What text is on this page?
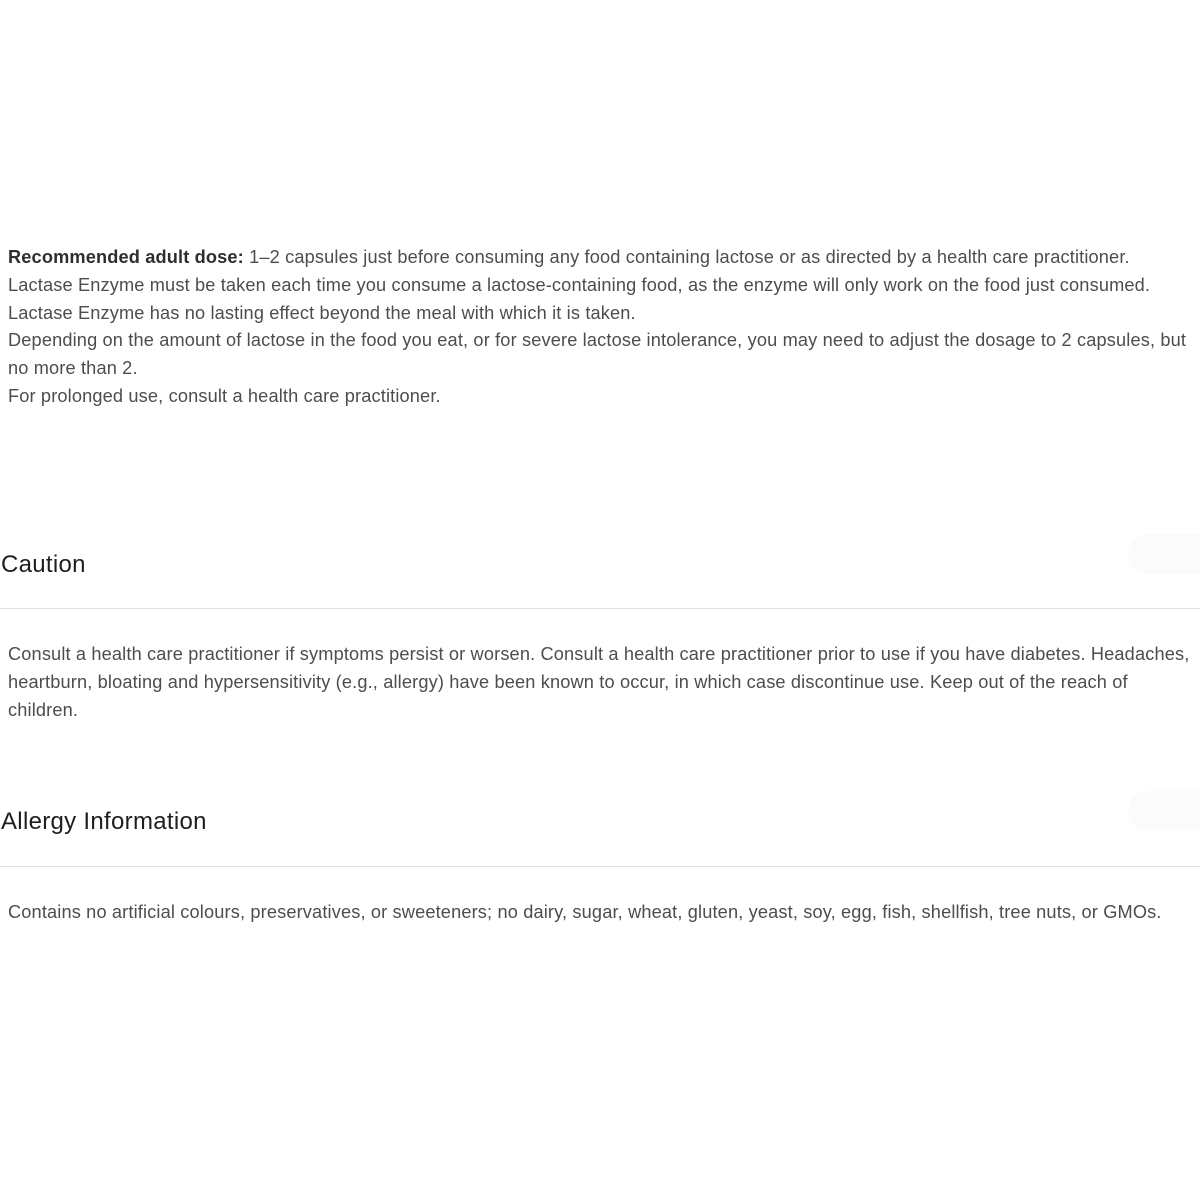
Recommended adult dose: 1–2 capsules just before consuming any food containing lactose or as directed by a health care practitioner.

Lactase Enzyme must be taken each time you consume a lactose-containing food, as the enzyme will only work on the food just consumed.

Lactase Enzyme has no lasting effect beyond the meal with which it is taken.

Depending on the amount of lactose in the food you eat, or for severe lactose intolerance, you may need to adjust the dosage to 2 capsules, but no more than 2.

For prolonged use, consult a health care practitioner.

Caution

Consult a health care practitioner if symptoms persist or worsen. Consult a health care practitioner prior to use if you have diabetes. Headaches, heartburn, bloating and hypersensitivity (e.g., allergy) have been known to occur, in which case discontinue use. Keep out of the reach of children.

Allergy Information

Contains no artificial colours, preservatives, or sweeteners; no dairy, sugar, wheat, gluten, yeast, soy, egg, fish, shellfish, tree nuts, or GMOs.
